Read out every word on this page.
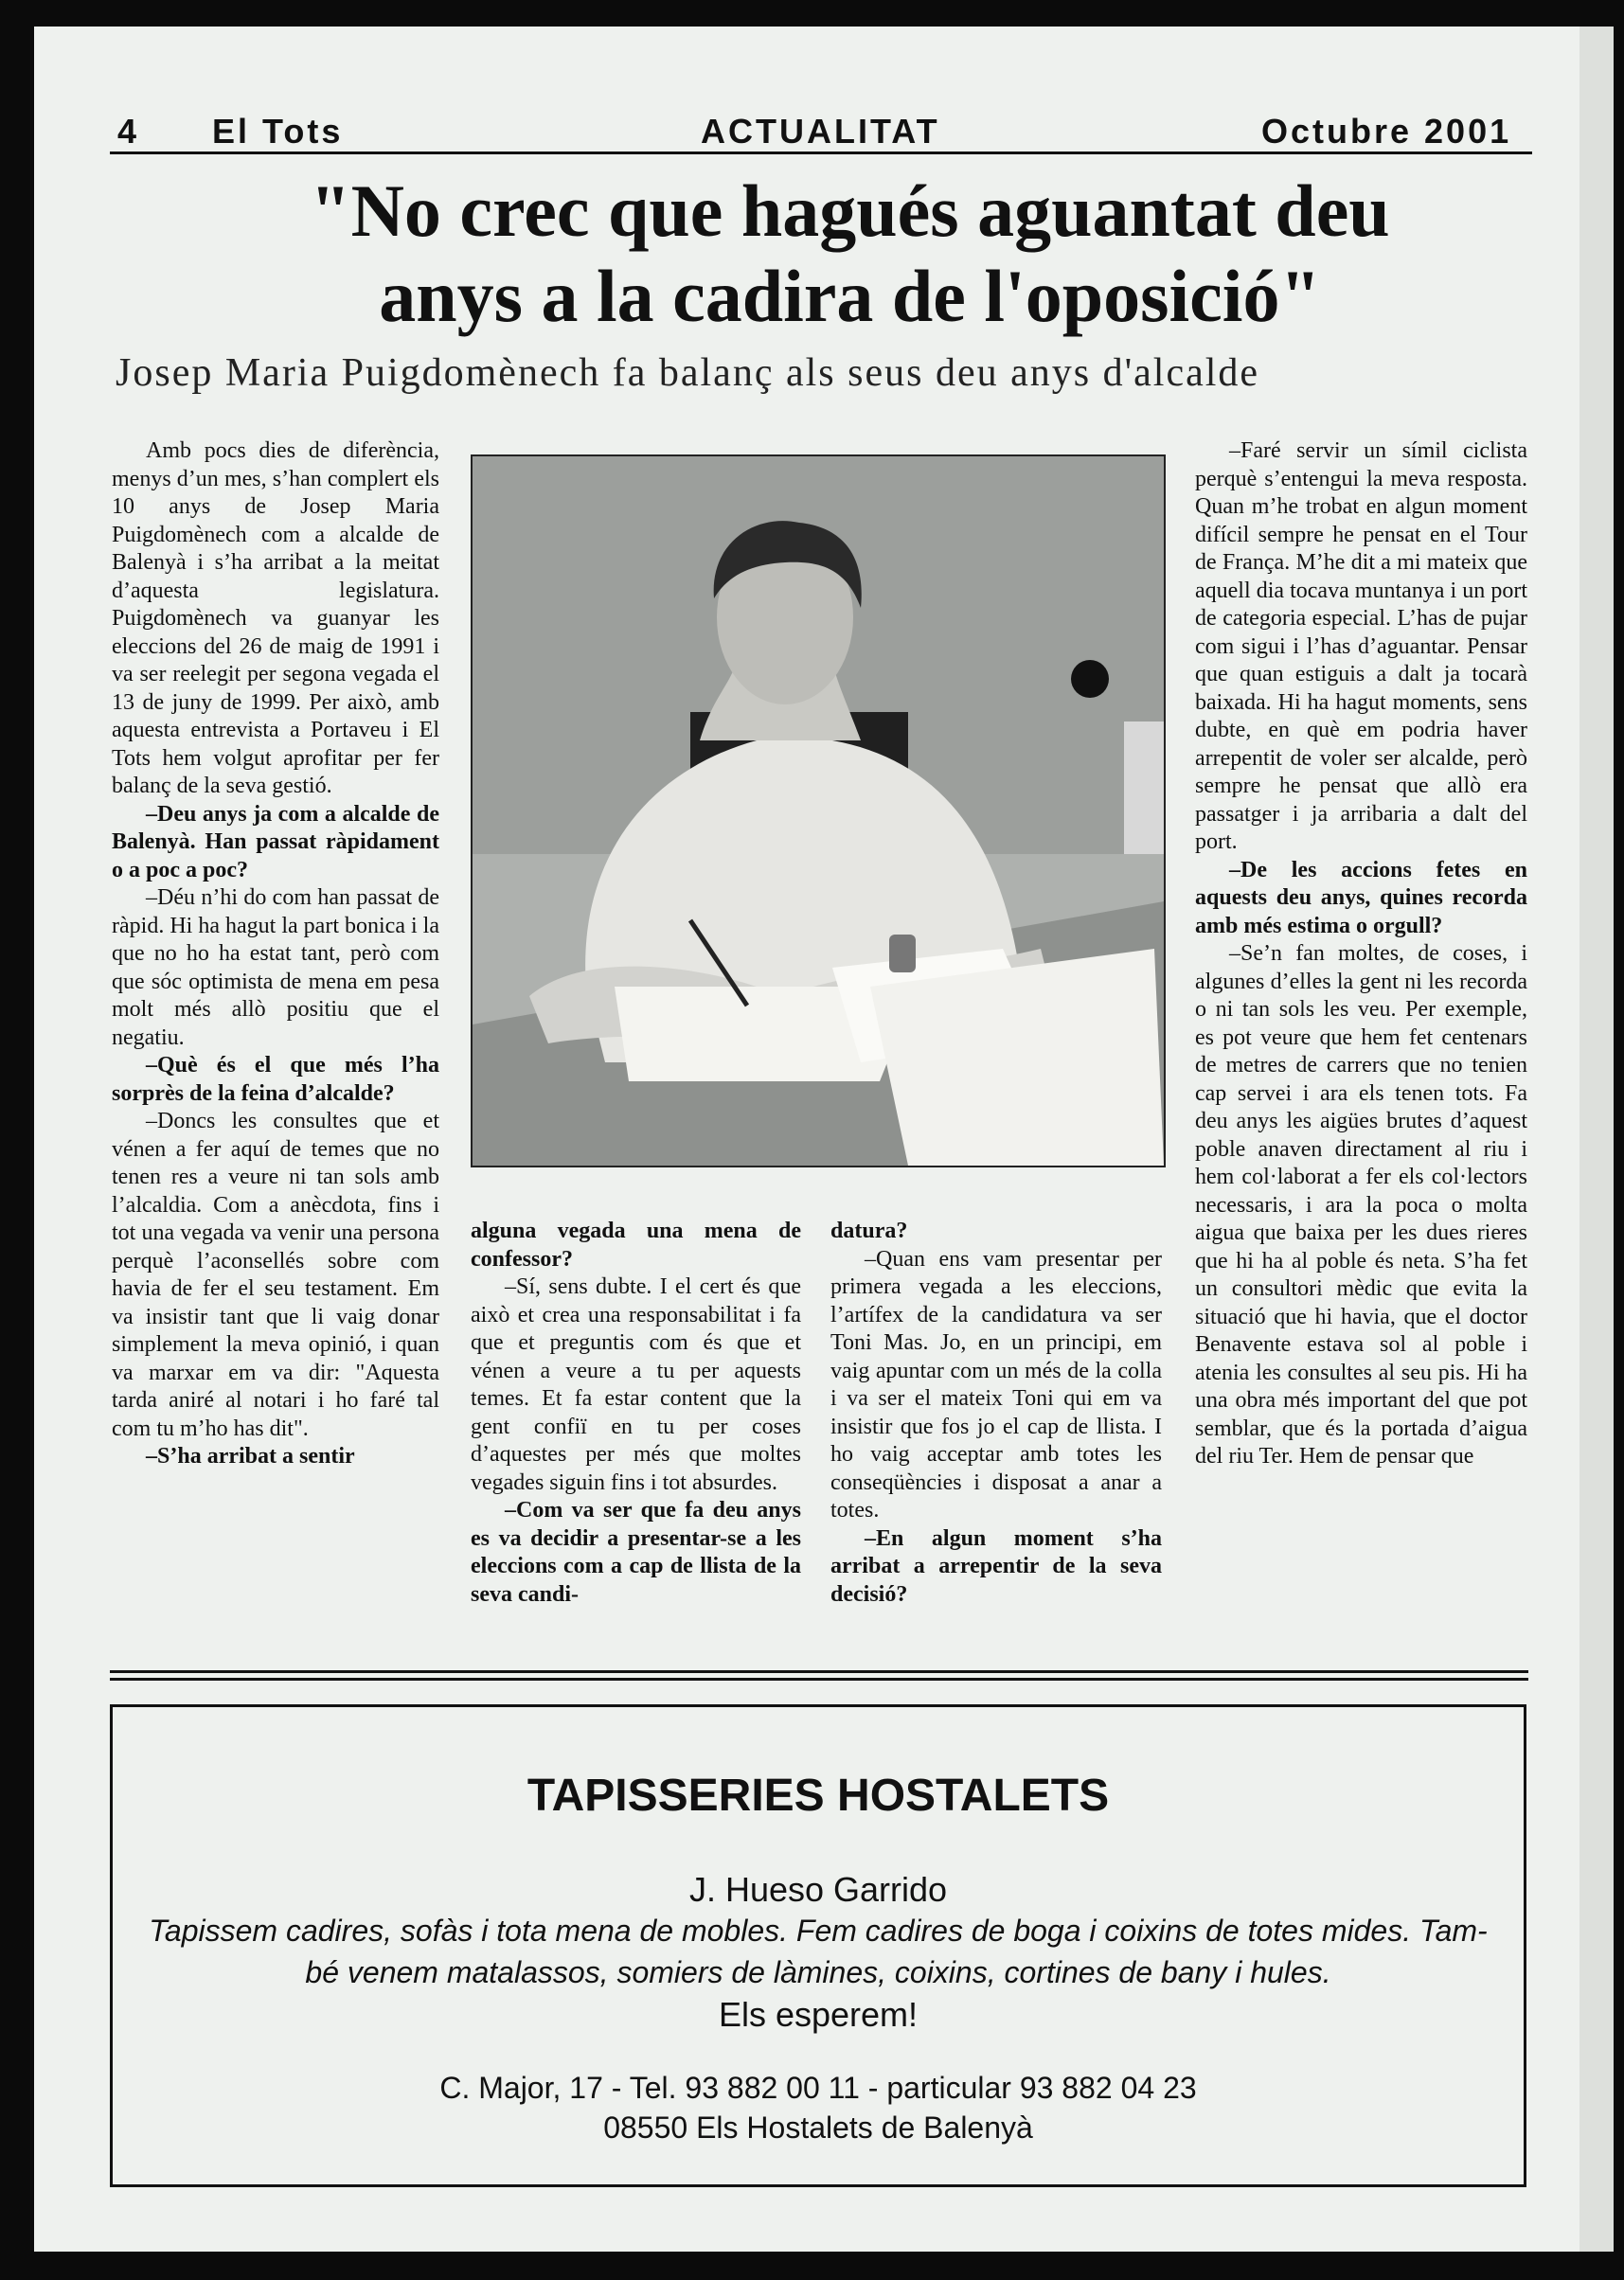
4 El Tots	ACTUALITAT	Octubre 2001
"No crec que hagués aguantat deu
anys a la cadira de l'oposició"
Josep Maria Puigdomènech fa balanç als seus deu anys d'alcalde

Amb pocs dies de diferència, menys d’un mes, s’han complert els 10 anys de Josep Maria Puigdomènech com a alcalde de Balenyà i s’ha arribat a la meitat d’aquesta legislatura. Puigdomènech va guanyar les eleccions del 26 de maig de 1991 i va ser reelegit per segona vegada el 13 de juny de 1999. Per això, amb aquesta entrevista a Portaveu i El Tots hem volgut aprofitar per fer balanç de la seva gestió.

–Deu anys ja com a alcalde de Balenyà. Han passat ràpidament o a poc a poc?

–Déu n’hi do com han passat de ràpid. Hi ha hagut la part bonica i la que no ho ha estat tant, però com que sóc optimista de mena em pesa molt més allò positiu que el negatiu.

–Què és el que més l’ha sorprès de la feina d’alcalde?

–Doncs les consultes que et vénen a fer aquí de temes que no tenen res a veure ni tan sols amb l’alcaldia. Com a anècdota, fins i tot una vegada va venir una persona perquè l’aconsellés sobre com havia de fer el seu testament. Em va insistir tant que li vaig donar simplement la meva opinió, i quan va marxar em va dir: "Aquesta tarda aniré al notari i ho faré tal com tu m’ho has dit".

–S’ha arribat a sentir

alguna vegada una mena de confessor?

–Sí, sens dubte. I el cert és que això et crea una responsabilitat i fa que et preguntis com és que et vénen a veure a tu per aquests temes. Et fa estar content que la gent confiï en tu per coses d’aquestes per més que moltes vegades siguin fins i tot absurdes.

–Com va ser que fa deu anys es va decidir a presentar-se a les eleccions com a cap de llista de la seva candi-

datura?

–Quan ens vam presentar per primera vegada a les eleccions, l’artífex de la candidatura va ser Toni Mas. Jo, en un principi, em vaig apuntar com un més de la colla i va ser el mateix Toni qui em va insistir que fos jo el cap de llista. I ho vaig acceptar amb totes les conseqüències i disposat a anar a totes.

–En algun moment s’ha arribat a arrepentir de la seva decisió?

–Faré servir un símil ciclista perquè s’entengui la meva resposta. Quan m’he trobat en algun moment difícil sempre he pensat en el Tour de França. M’he dit a mi mateix que aquell dia tocava muntanya i un port de categoria especial. L’has de pujar com sigui i l’has d’aguantar. Pensar que quan estiguis a dalt ja tocarà baixada. Hi ha hagut moments, sens dubte, en què em podria haver arrepentit de voler ser alcalde, però sempre he pensat que allò era passatger i ja arribaria a dalt del port.

–De les accions fetes en aquests deu anys, quines recorda amb més estima o orgull?

–Se’n fan moltes, de coses, i algunes d’elles la gent ni les recorda o ni tan sols les veu. Per exemple, es pot veure que hem fet centenars de metres de carrers que no tenien cap servei i ara els tenen tots. Fa deu anys les aigües brutes d’aquest poble anaven directament al riu i hem col·laborat a fer els col·lectors necessaris, i ara la poca o molta aigua que baixa per les dues rieres que hi ha al poble és neta. S’ha fet un consultori mèdic que evita la situació que hi havia, que el doctor Benavente estava sol al poble i atenia les consultes al seu pis. Hi ha una obra més important del que pot semblar, que és la portada d’aigua del riu Ter. Hem de pensar que

TAPISSERIES HOSTALETS
J. Hueso Garrido
Tapissem cadires, sofàs i tota mena de mobles. Fem cadires de boga i coixins de totes mides. Tam-
bé venem matalassos, somiers de làmines, coixins, cortines de bany i hules.
Els esperem!
C. Major, 17 - Tel. 93 882 00 11 - particular 93 882 04 23
08550 Els Hostalets de Balenyà
